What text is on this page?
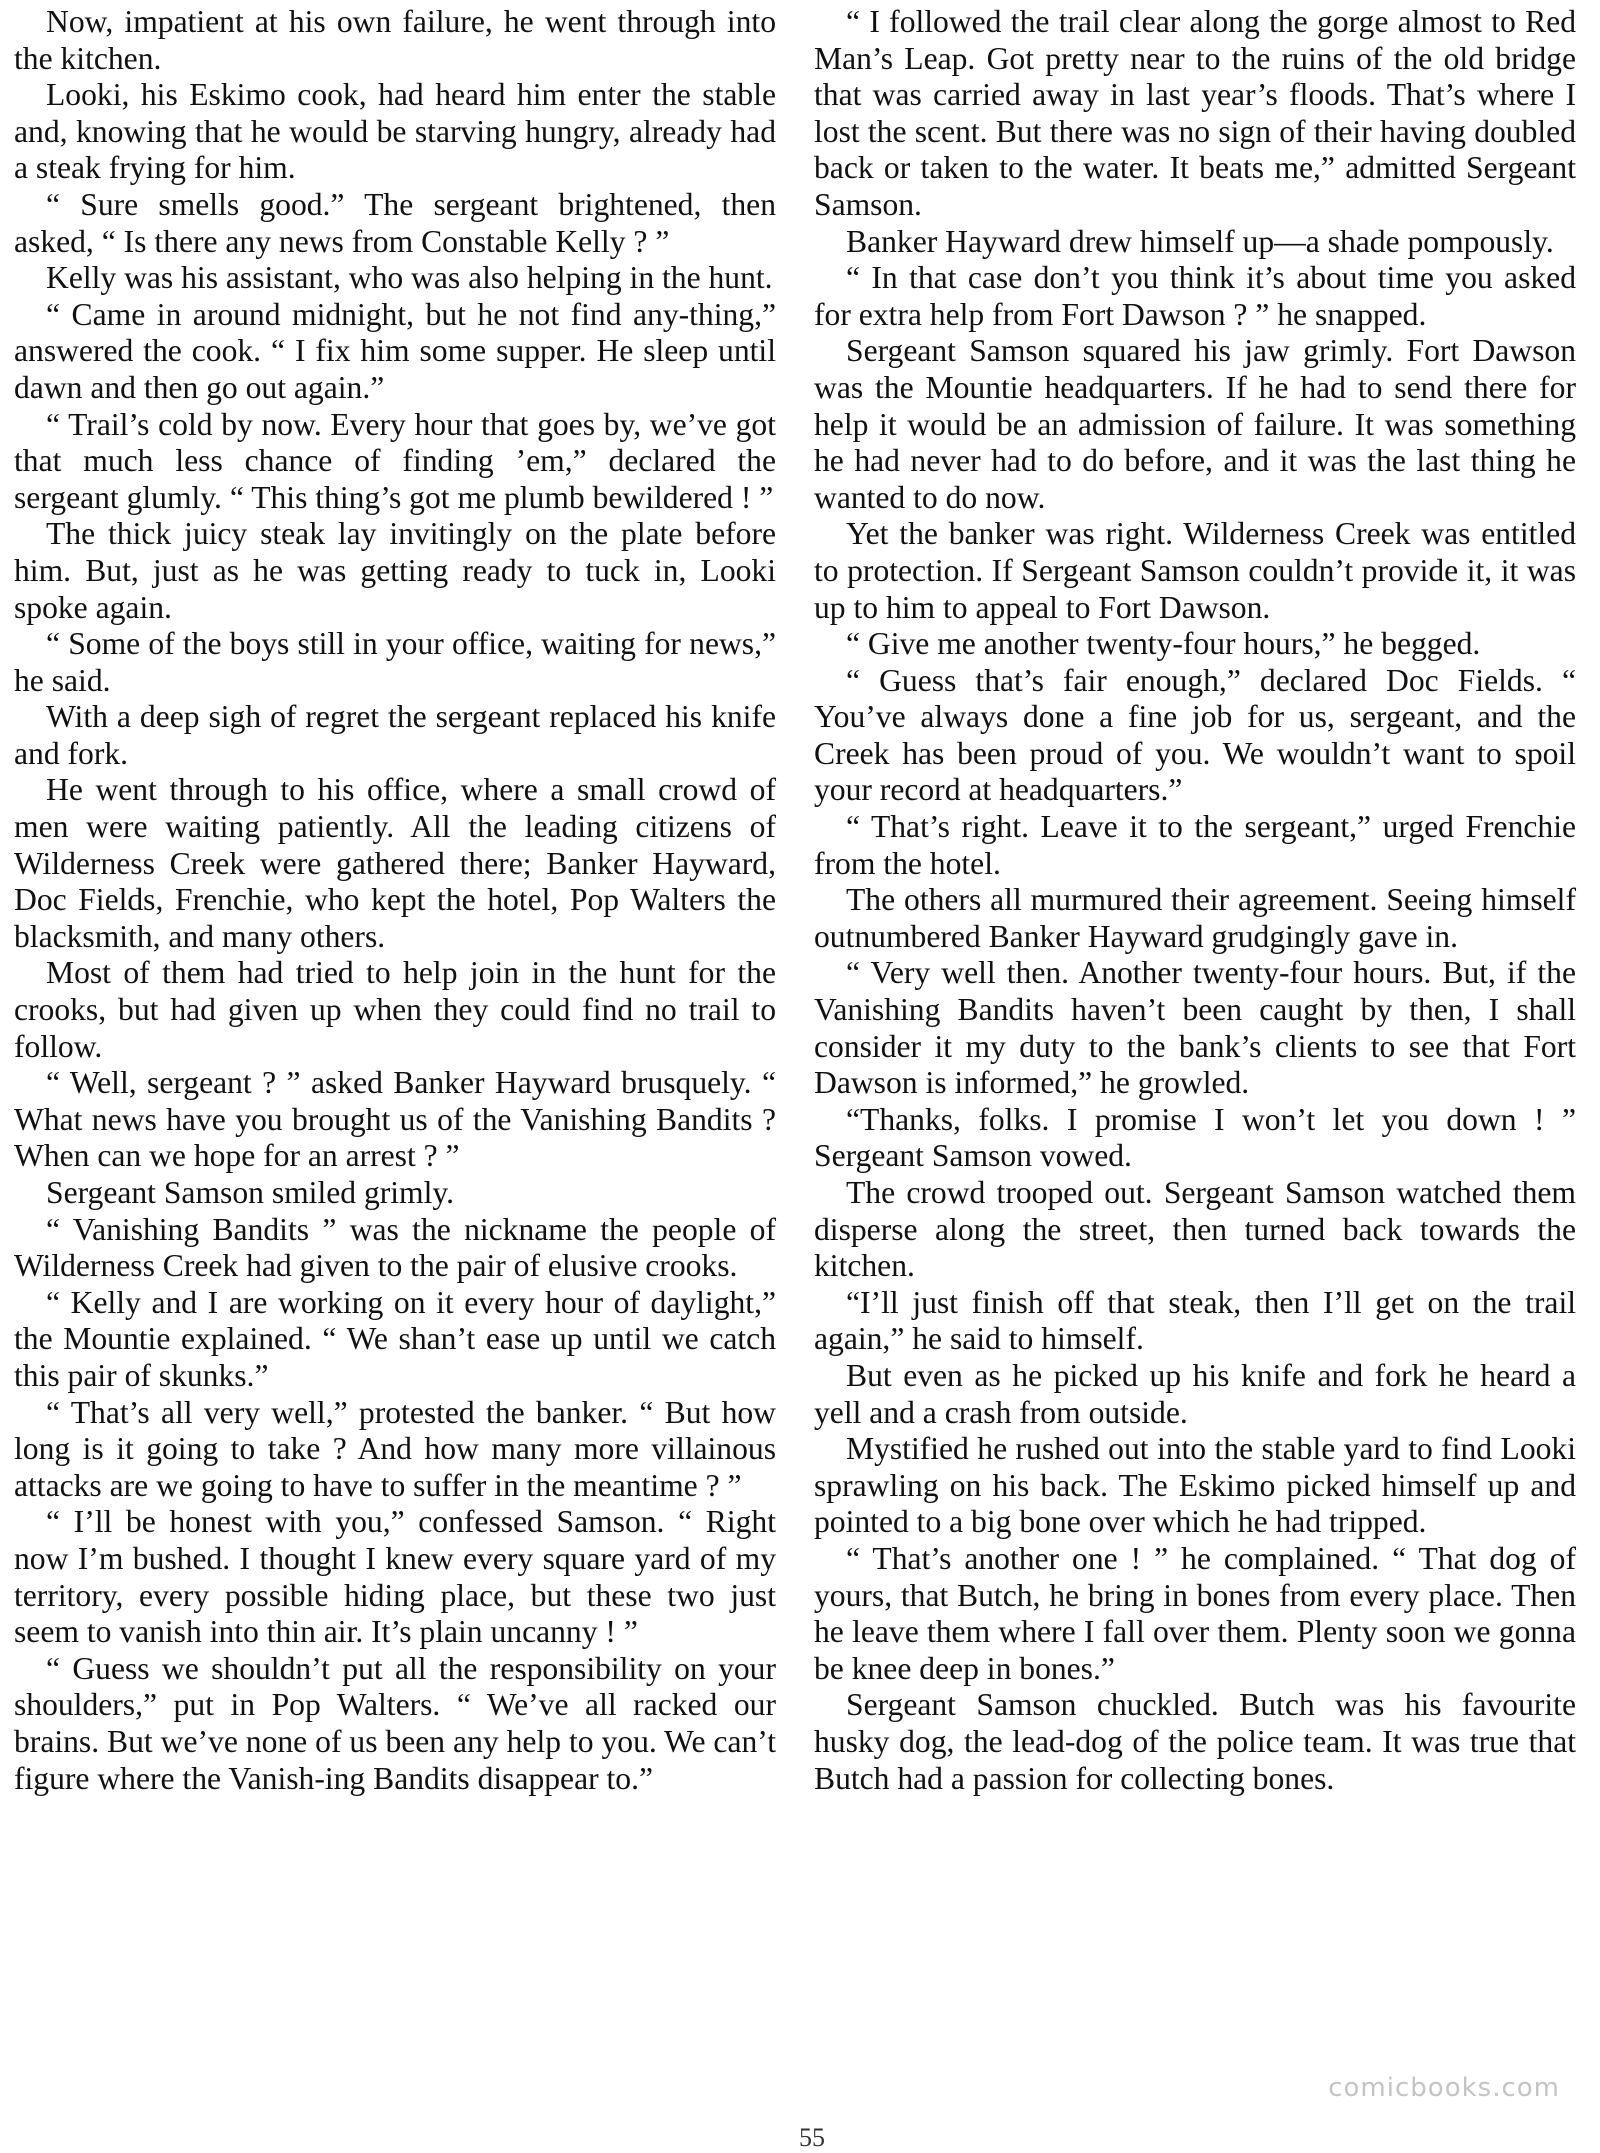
Now, impatient at his own failure, he went through into the kitchen.

Looki, his Eskimo cook, had heard him enter the stable and, knowing that he would be starving hungry, already had a steak frying for him.

“ Sure smells good.” The sergeant brightened, then asked, “ Is there any news from Constable Kelly ? ”

Kelly was his assistant, who was also helping in the hunt.

“ Came in around midnight, but he not find any-thing,” answered the cook. “ I fix him some supper. He sleep until dawn and then go out again.”

“ Trail’s cold by now. Every hour that goes by, we’ve got that much less chance of finding ’em,” declared the sergeant glumly. “ This thing’s got me plumb bewildered ! ”

The thick juicy steak lay invitingly on the plate before him. But, just as he was getting ready to tuck in, Looki spoke again.

“ Some of the boys still in your office, waiting for news,” he said.

With a deep sigh of regret the sergeant replaced his knife and fork.

He went through to his office, where a small crowd of men were waiting patiently. All the leading citizens of Wilderness Creek were gathered there; Banker Hayward, Doc Fields, Frenchie, who kept the hotel, Pop Walters the blacksmith, and many others.

Most of them had tried to help join in the hunt for the crooks, but had given up when they could find no trail to follow.

“ Well, sergeant ? ” asked Banker Hayward brusquely. “ What news have you brought us of the Vanishing Bandits ? When can we hope for an arrest ? ”

Sergeant Samson smiled grimly.

“ Vanishing Bandits ” was the nickname the people of Wilderness Creek had given to the pair of elusive crooks.

“ Kelly and I are working on it every hour of daylight,” the Mountie explained. “ We shan’t ease up until we catch this pair of skunks.”

“ That’s all very well,” protested the banker. “ But how long is it going to take ? And how many more villainous attacks are we going to have to suffer in the meantime ? ”

“ I’ll be honest with you,” confessed Samson. “ Right now I’m bushed. I thought I knew every square yard of my territory, every possible hiding place, but these two just seem to vanish into thin air. It’s plain uncanny ! ”

“ Guess we shouldn’t put all the responsibility on your shoulders,” put in Pop Walters. “ We’ve all racked our brains. But we’ve none of us been any help to you. We can’t figure where the Vanish-ing Bandits disappear to.”

“ I followed the trail clear along the gorge almost to Red Man’s Leap. Got pretty near to the ruins of the old bridge that was carried away in last year’s floods. That’s where I lost the scent. But there was no sign of their having doubled back or taken to the water. It beats me,” admitted Sergeant Samson.

Banker Hayward drew himself up—a shade pompously.

“ In that case don’t you think it’s about time you asked for extra help from Fort Dawson ? ” he snapped.

Sergeant Samson squared his jaw grimly. Fort Dawson was the Mountie headquarters. If he had to send there for help it would be an admission of failure. It was something he had never had to do before, and it was the last thing he wanted to do now.

Yet the banker was right. Wilderness Creek was entitled to protection. If Sergeant Samson couldn’t provide it, it was up to him to appeal to Fort Dawson.

“ Give me another twenty-four hours,” he begged.

“ Guess that’s fair enough,” declared Doc Fields. “ You’ve always done a fine job for us, sergeant, and the Creek has been proud of you. We wouldn’t want to spoil your record at headquarters.”

“ That’s right. Leave it to the sergeant,” urged Frenchie from the hotel.

The others all murmured their agreement. Seeing himself outnumbered Banker Hayward grudgingly gave in.

“ Very well then. Another twenty-four hours. But, if the Vanishing Bandits haven’t been caught by then, I shall consider it my duty to the bank’s clients to see that Fort Dawson is informed,” he growled.

“Thanks, folks. I promise I won’t let you down ! ” Sergeant Samson vowed.

The crowd trooped out. Sergeant Samson watched them disperse along the street, then turned back towards the kitchen.

“I’ll just finish off that steak, then I’ll get on the trail again,” he said to himself.

But even as he picked up his knife and fork he heard a yell and a crash from outside.

Mystified he rushed out into the stable yard to find Looki sprawling on his back. The Eskimo picked himself up and pointed to a big bone over which he had tripped.

“ That’s another one ! ” he complained. “ That dog of yours, that Butch, he bring in bones from every place. Then he leave them where I fall over them. Plenty soon we gonna be knee deep in bones.”

Sergeant Samson chuckled. Butch was his favourite husky dog, the lead-dog of the police team. It was true that Butch had a passion for collecting bones.

comicbooks.com
55
